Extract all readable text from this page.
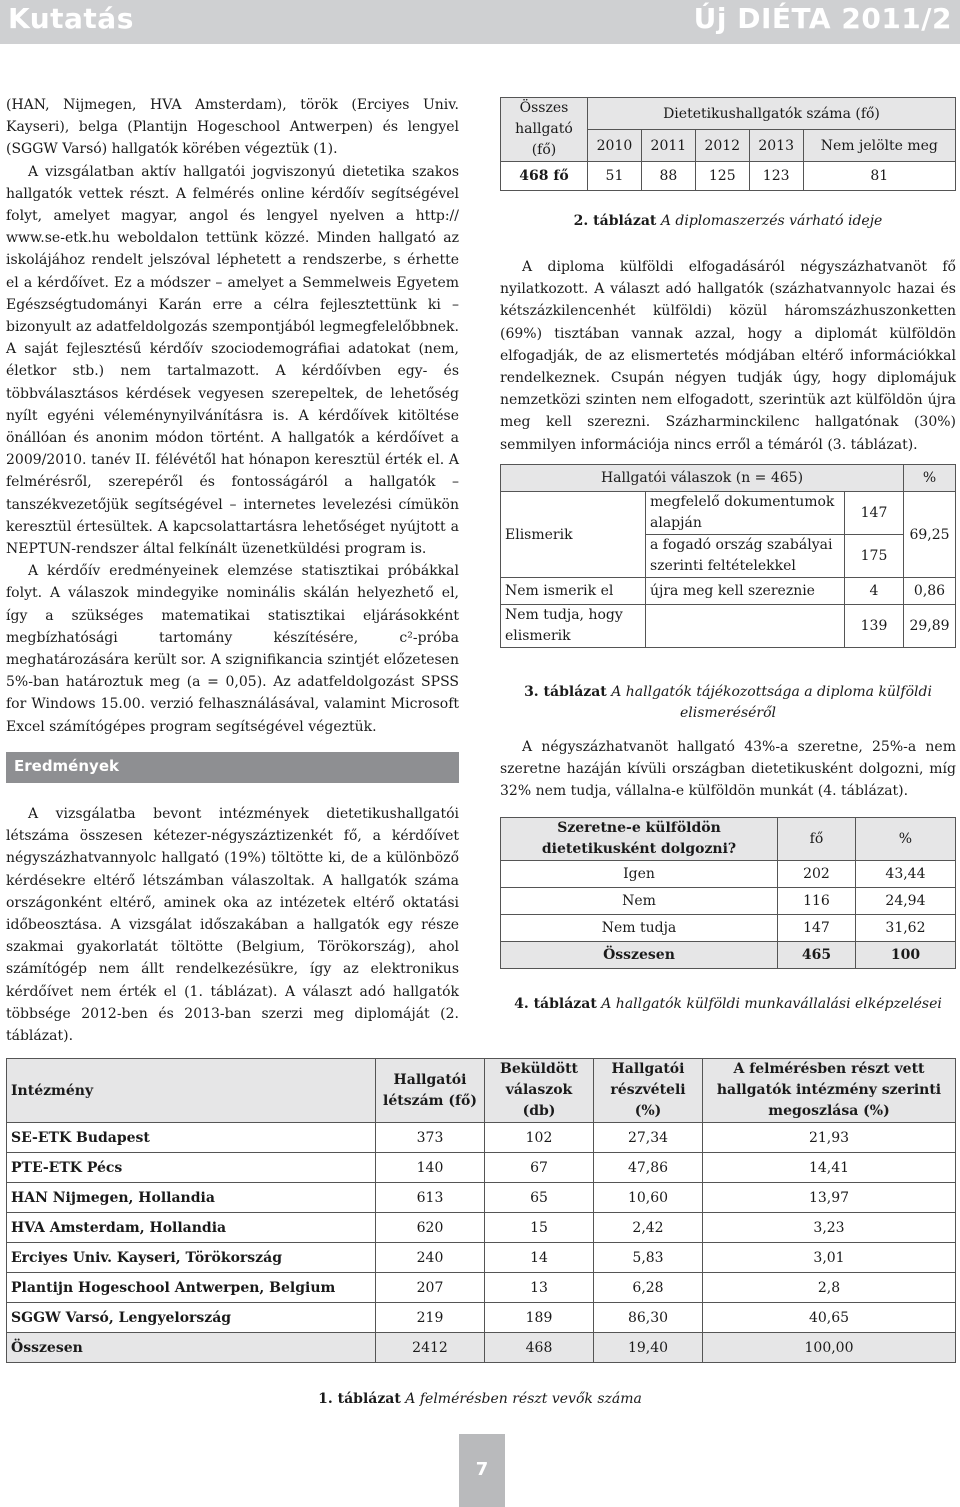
Kutatás	Új DIÉTA 2011/2

(HAN, Nijmegen, HVA Amsterdam), török (Erciyes Univ. Kayseri), belga (Plantijn Hogeschool Antwerpen) és lengyel (SGGW Varsó) hallgatók körében végeztük (1).

A vizsgálatban aktív hallgatói jogviszonyú dietetika szakos hallgatók vettek részt. A felmérés online kérdőív segítségével folyt, amelyet magyar, angol és lengyel nyelven a http:// www.se-etk.hu weboldalon tettünk közzé. Minden hallgató az iskolájához rendelt jelszóval léphetett a rendszerbe, s érhette el a kérdőívet. Ez a módszer – amelyet a Semmelweis Egyetem Egészségtudományi Karán erre a célra fejlesztettünk ki – bizonyult az adatfeldolgozás szempontjából legmegfelelőbbnek. A saját fejlesztésű kérdőív szociodemográfiai adatokat (nem, életkor stb.) nem tartalmazott. A kérdőívben egy- és többválasztásos kérdések vegyesen szerepeltek, de lehetőség nyílt egyéni véleménynyilvánításra is. A kérdőívek kitöltése önállóan és anonim módon történt. A hallgatók a kérdőívet a 2009/2010. tanév II. félévétől hat hónapon keresztül érték el. A felmérésről, szerepéről és fontosságáról a hallgatók – tanszékvezetőjük segítségével – internetes levelezési címükön keresztül értesültek. A kapcsolattartásra lehetőséget nyújtott a NEPTUN-rendszer által felkínált üzenetküldési program is.

A kérdőív eredményeinek elemzése statisztikai próbákkal folyt. A válaszok mindegyike nominális skálán helyezhető el, így a szükséges matematikai statisztikai eljárásokként megbízhatósági tartomány készítésére, c²-próba meghatározására került sor. A szignifikancia szintjét előzetesen 5%-ban határoztuk meg (a = 0,05). Az adatfeldolgozást SPSS for Windows 15.00. verzió felhasználásával, valamint Microsoft Excel számítógépes program segítségével végeztük.

Eredmények

A vizsgálatba bevont intézmények dietetikushallgatói létszáma összesen kétezer-négyszáztizenkét fő, a kérdőívet négyszázhatvannyolc hallgató (19%) töltötte ki, de a különböző kérdésekre eltérő létszámban válaszoltak. A hallgatók száma országonként eltérő, aminek oka az intézetek eltérő oktatási időbeosztása. A vizsgálat időszakában a hallgatók egy része szakmai gyakorlatát töltötte (Belgium, Törökország), ahol számítógép nem állt rendelkezésükre, így az elektronikus kérdőívet nem érték el (1. táblázat). A választ adó hallgatók többsége 2012-ben és 2013-ban szerzi meg diplomáját (2. táblázat).

Összes hallgató (fő)	Dietetikushallgatók száma (fő)				
	2010	2011	2012	2013	Nem jelölte meg
468 fő	51	88	125	123	81
2. táblázat A diplomaszerzés várható ideje

A diploma külföldi elfogadásáról négyszázhatvanöt fő nyilatkozott. A választ adó hallgatók (százhatvannyolc hazai és kétszázkilencenhét külföldi) közül háromszázhuszonketten (69%) tisztában vannak azzal, hogy a diplomát külföldön elfogadják, de az elismertetés módjában eltérő információkkal rendelkeznek. Csupán négyen tudják úgy, hogy diplomájuk nemzetközi szinten nem elfogadott, szerintük azt külföldön újra meg kell szerezni. Százharminckilenc hallgatónak (30%) semmilyen információja nincs erről a témáról (3. táblázat).

Hallgatói válaszok (n = 465)			%
Elismerik	megfelelő dokumentumok alapján	147	69,25
	a fogadó ország szabályai szerinti feltételekkel	175	
Nem ismerik el	újra meg kell szereznie	4	0,86
Nem tudja, hogy elismerik		139	29,89
3. táblázat A hallgatók tájékozottsága a diploma külföldi elismeréséről

A négyszázhatvanöt hallgató 43%-a szeretne, 25%-a nem szeretne hazáján kívüli országban dietetikusként dolgozni, míg 32% nem tudja, vállalna-e külföldön munkát (4. táblázat).

Szeretne-e külföldön dietetikusként dolgozni?	fő	%
Igen	202	43,44
Nem	116	24,94
Nem tudja	147	31,62
Összesen	465	100
4. táblázat A hallgatók külföldi munkavállalási elképzelései
Intézmény	Hallgatói létszám (fő)	Beküldött válaszok (db)	Hallgatói részvételi (%)	A felmérésben részt vett hallgatók intézmény szerinti megoszlása (%)
SE-ETK Budapest	373	102	27,34	21,93
PTE-ETK Pécs	140	67	47,86	14,41
HAN Nijmegen, Hollandia	613	65	10,60	13,97
HVA Amsterdam, Hollandia	620	15	2,42	3,23
Erciyes Univ. Kayseri, Törökország	240	14	5,83	3,01
Plantijn Hogeschool Antwerpen, Belgium	207	13	6,28	2,8
SGGW Varsó, Lengyelország	219	189	86,30	40,65
Összesen	2412	468	19,40	100,00
1. táblázat A felmérésben részt vevők száma
7
